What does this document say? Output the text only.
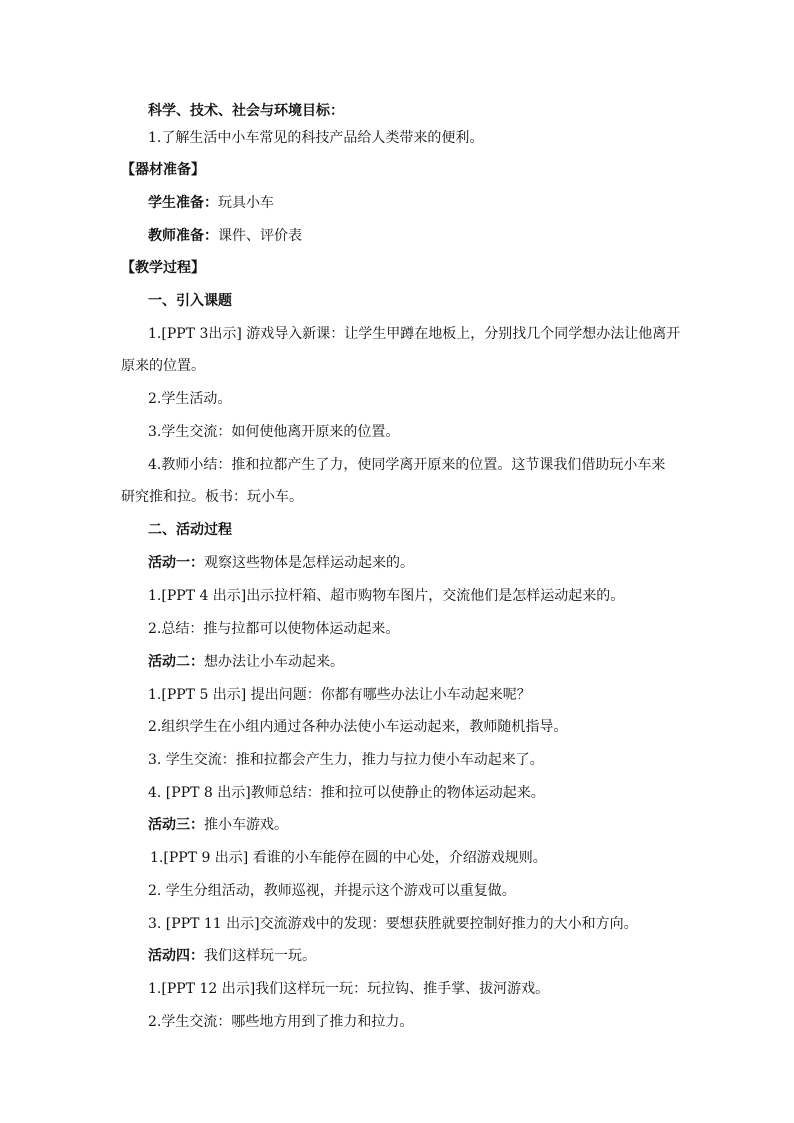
科学、技术、社会与环境目标：
1.了解生活中小车常见的科技产品给人类带来的便利。
【器材准备】
学生准备：玩具小车
教师准备：课件、评价表
【教学过程】
一、引入课题
1.[PPT 3出示] 游戏导入新课：让学生甲蹲在地板上，分别找几个同学想办法让他离开
原来的位置。
2.学生活动。
3.学生交流：如何使他离开原来的位置。
4.教师小结：推和拉都产生了力，使同学离开原来的位置。这节课我们借助玩小车来
研究推和拉。板书：玩小车。
二、活动过程
活动一：观察这些物体是怎样运动起来的。
1.[PPT 4 出示]出示拉杆箱、超市购物车图片，交流他们是怎样运动起来的。
2.总结：推与拉都可以使物体运动起来。
活动二：想办法让小车动起来。
1.[PPT 5 出示] 提出问题：你都有哪些办法让小车动起来呢？
2.组织学生在小组内通过各种办法使小车运动起来，教师随机指导。
3. 学生交流：推和拉都会产生力，推力与拉力使小车动起来了。
4. [PPT 8 出示]教师总结：推和拉可以使静止的物体运动起来。
活动三：推小车游戏。
1.[PPT 9 出示] 看谁的小车能停在圆的中心处，介绍游戏规则。
2. 学生分组活动，教师巡视，并提示这个游戏可以重复做。
3. [PPT 11 出示]交流游戏中的发现：要想获胜就要控制好推力的大小和方向。
活动四：我们这样玩一玩。
1.[PPT 12 出示]我们这样玩一玩：玩拉钩、推手掌、拔河游戏。
2.学生交流：哪些地方用到了推力和拉力。
